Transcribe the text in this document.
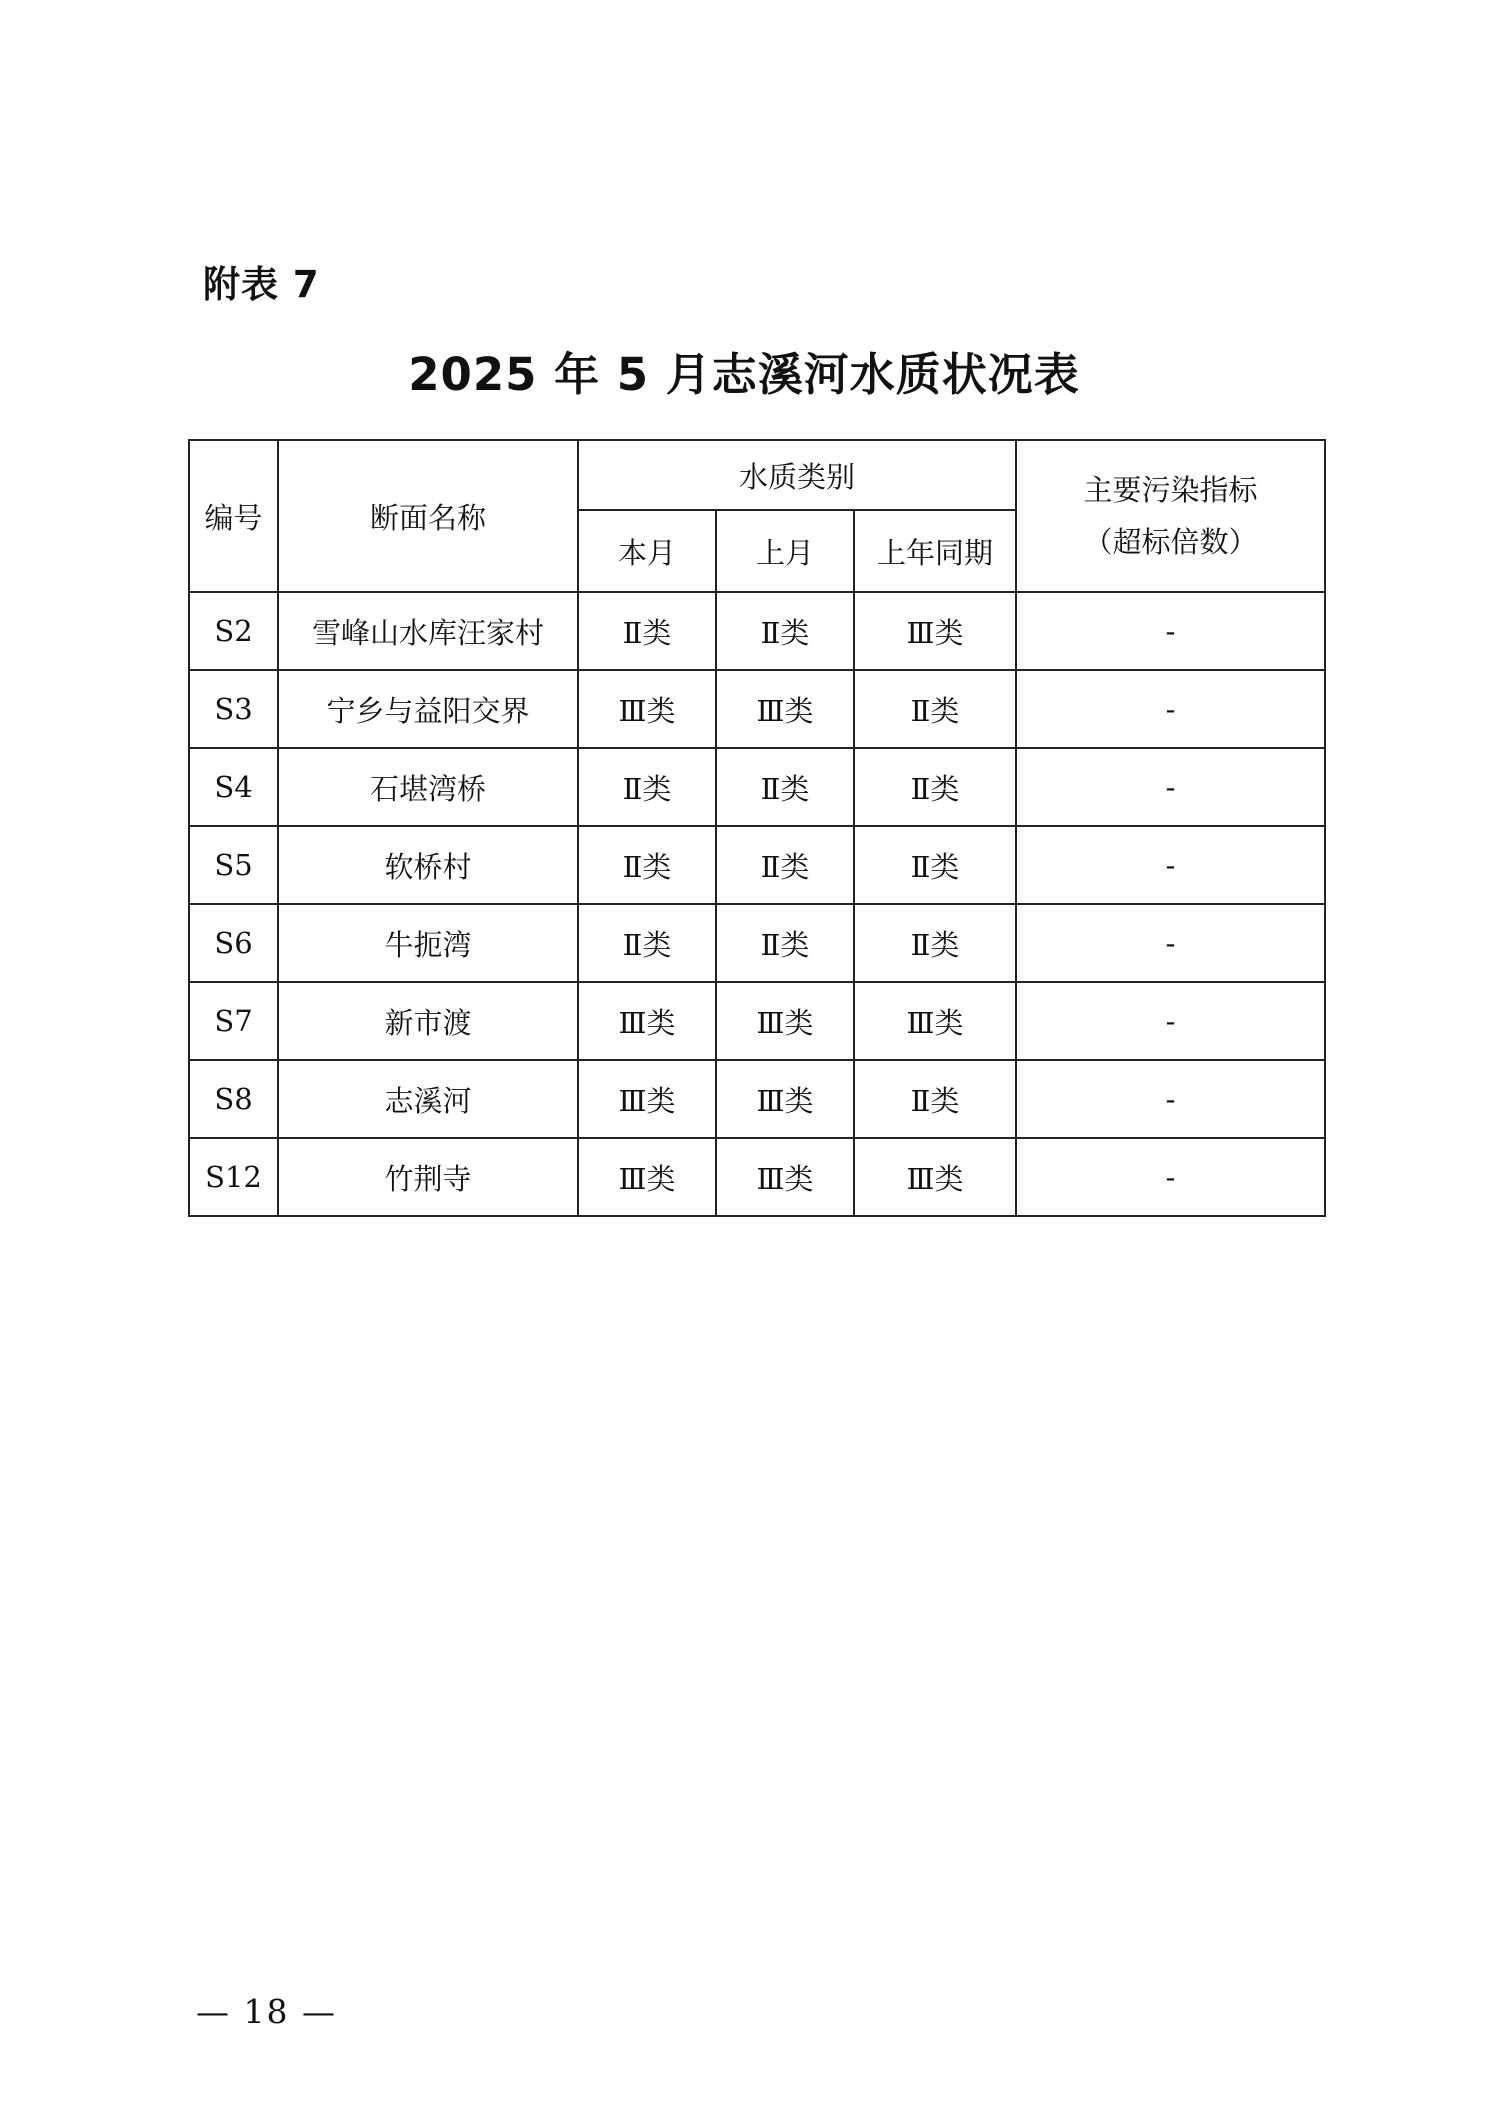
附表 7
2025 年 5 月志溪河水质状况表
编号	断面名称	水质类别			主要污染指标
（超标倍数）

		本月	上月	上年同期	
S2	雪峰山水库汪家村	Ⅱ类	Ⅱ类	Ⅲ类	-
S3	宁乡与益阳交界	Ⅲ类	Ⅲ类	Ⅱ类	-
S4	石堪湾桥	Ⅱ类	Ⅱ类	Ⅱ类	-
S5	软桥村	Ⅱ类	Ⅱ类	Ⅱ类	-
S6	牛扼湾	Ⅱ类	Ⅱ类	Ⅱ类	-
S7	新市渡	Ⅲ类	Ⅲ类	Ⅲ类	-
S8	志溪河	Ⅲ类	Ⅲ类	Ⅱ类	-
S12	竹荆寺	Ⅲ类	Ⅲ类	Ⅲ类	-
— 18 —
